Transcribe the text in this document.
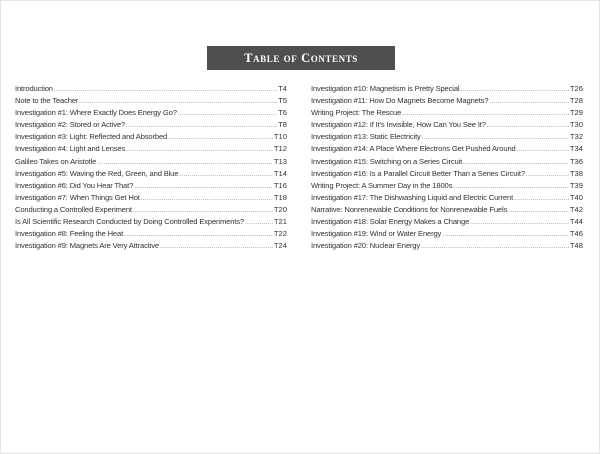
Table of Contents
Introduction .....	T4
Note to the Teacher .....	T5
Investigation #1: Where Exactly Does Energy Go? .....	T6
Investigation #2: Stored or Active? .....	T8
Investigation #3: Light: Reflected and Absorbed .....	T10
Investigation #4: Light and Lenses .....	T12
Galileo Takes on Aristotle .....	T13
Investigation #5: Waving the Red, Green, and Blue .....	T14
Investigation #6: Did You Hear That? .....	T16
Investigation #7: When Things Get Hot .....	T18
Conducting a Controlled Experiment .....	T20
Is All Scientific Research Conducted by Doing Controlled Experiments? .....	T21
Investigation #8: Feeling the Heat .....	T22
Investigation #9: Magnets Are Very Attractive .....	T24
Investigation #10: Magnetism is Pretty Special .....	T26
Investigation #11: How Do Magnets Become Magnets? .....	T28
Writing Project: The Rescue .....	T29
Investigation #12: If It's Invisible, How Can You See It? .....	T30
Investigation #13: Static Electricity .....	T32
Investigation #14: A Place Where Electrons Get Pushed Around .....	T34
Investigation #15: Switching on a Series Circuit .....	T36
Investigation #16: Is a Parallel Circuit Better Than a Series Circuit? .....	T38
Writing Project: A Summer Day in the 1800s .....	T39
Investigation #17: The Dishwashing Liquid and Electric Current .....	T40
Narrative: Nonrenewable Conditions for Nonrenewable Fuels .....	T42
Investigation #18: Solar Energy Makes a Change .....	T44
Investigation #19: Wind or Water Energy .....	T46
Investigation #20: Nuclear Energy .....	T48
